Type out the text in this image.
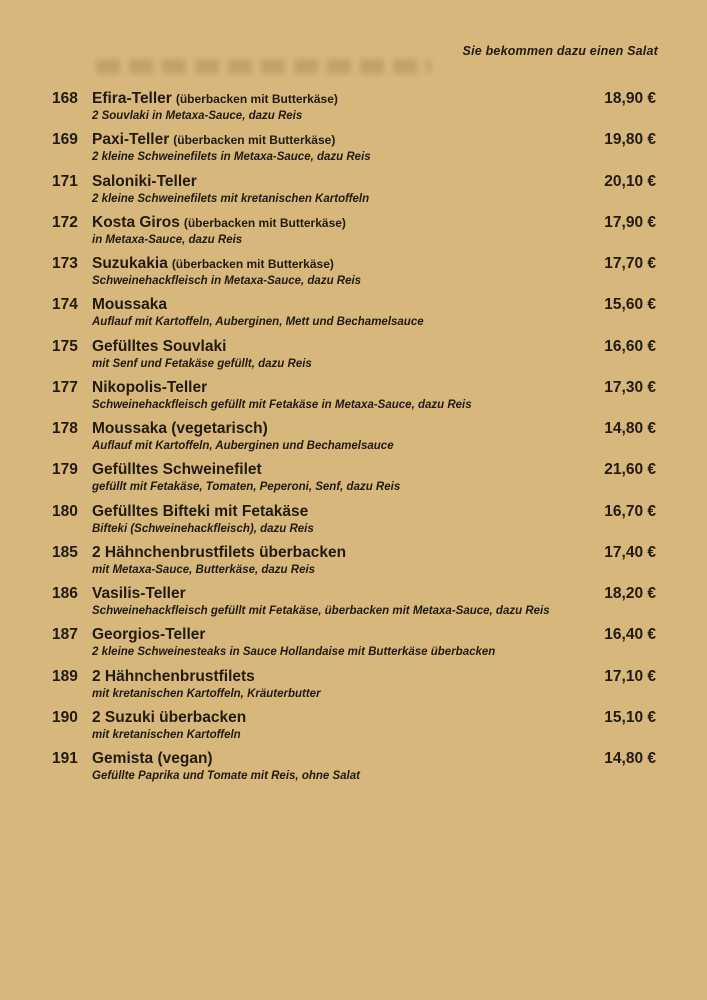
Sie bekommen dazu einen Salat
168 Efira-Teller (überbacken mit Butterkäse)
2 Souvlaki in Metaxa-Sauce, dazu Reis
18,90 €
169 Paxi-Teller (überbacken mit Butterkäse)
2 kleine Schweinefilets in Metaxa-Sauce, dazu Reis
19,80 €
171 Saloniki-Teller
2 kleine Schweinefilets mit kretanischen Kartoffeln
20,10 €
172 Kosta Giros (überbacken mit Butterkäse)
in Metaxa-Sauce, dazu Reis
17,90 €
173 Suzukakia (überbacken mit Butterkäse)
Schweinehackfleisch in Metaxa-Sauce, dazu Reis
17,70 €
174 Moussaka
Auflauf mit Kartoffeln, Auberginen, Mett und Bechamelsauce
15,60 €
175 Gefülltes Souvlaki
mit Senf und Fetakäse gefüllt, dazu Reis
16,60 €
177 Nikopolis-Teller
Schweinehackfleisch gefüllt mit Fetakäse in Metaxa-Sauce, dazu Reis
17,30 €
178 Moussaka (vegetarisch)
Auflauf mit Kartoffeln, Auberginen und Bechamelsauce
14,80 €
179 Gefülltes Schweinefilet
gefüllt mit Fetakäse, Tomaten, Peperoni, Senf, dazu Reis
21,60 €
180 Gefülltes Bifteki mit Fetakäse
Bifteki (Schweinehackfleisch), dazu Reis
16,70 €
185 2 Hähnchenbrustfilets überbacken
mit Metaxa-Sauce, Butterkäse, dazu Reis
17,40 €
186 Vasilis-Teller
Schweinehackfleisch gefüllt mit Fetakäse, überbacken mit Metaxa-Sauce, dazu Reis
18,20 €
187 Georgios-Teller
2 kleine Schweinesteaks in Sauce Hollandaise mit Butterkäse überbacken
16,40 €
189 2 Hähnchenbrustfilets
mit kretanischen Kartoffeln, Kräuterbutter
17,10 €
190 2 Suzuki überbacken
mit kretanischen Kartoffeln
15,10 €
191 Gemista (vegan)
Gefüllte Paprika und Tomate mit Reis, ohne Salat
14,80 €
